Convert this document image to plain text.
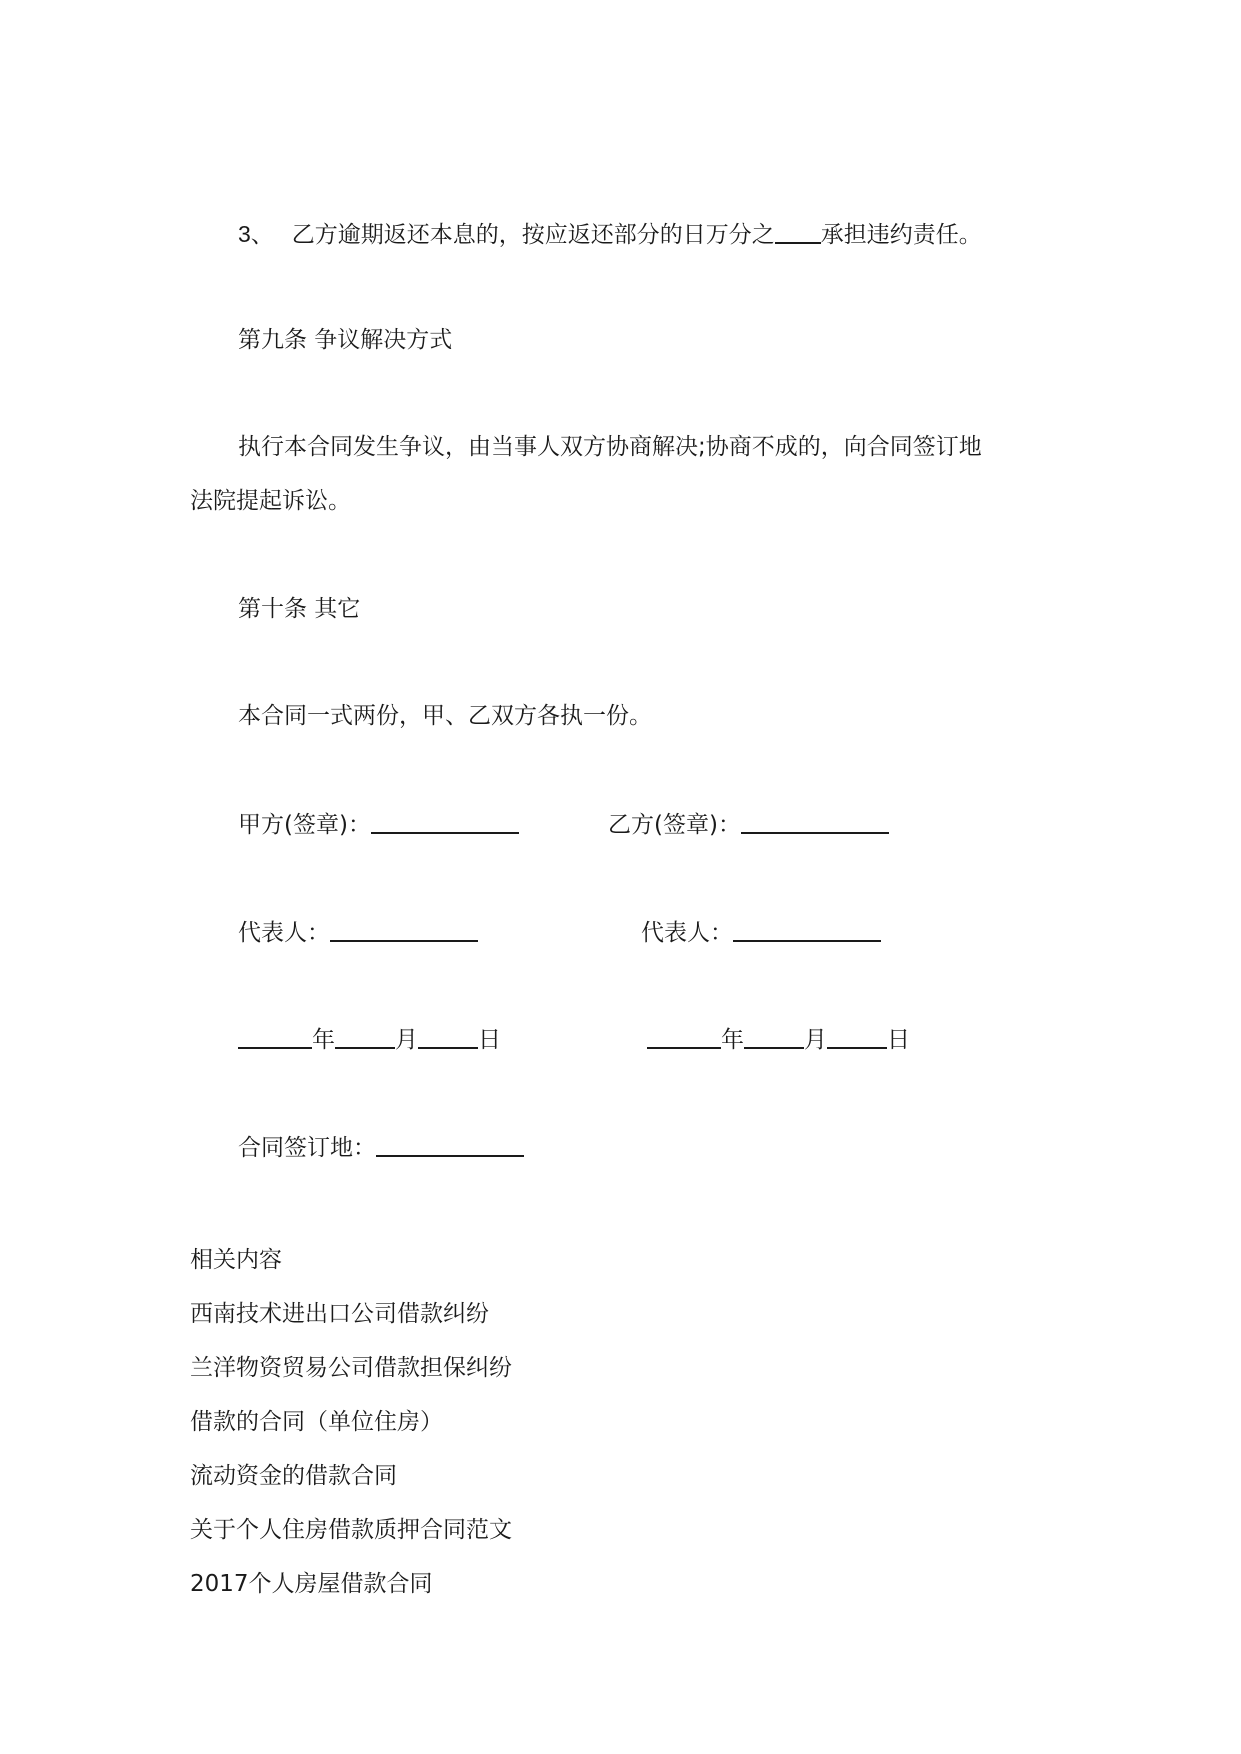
3、 乙方逾期返还本息的，按应返还部分的日万分之 承担违约责任。
第九条 争议解决方式
执行本合同发生争议，由当事人双方协商解决;协商不成的，向合同签订地
法院提起诉讼。
第十条 其它
本合同一式两份，甲、乙双方各执一份。
甲方(签章)：	乙方(签章)：
代表人：	代表人：
年	月	日	年	月	日
合同签订地：
相关内容
西南技术进出口公司借款纠纷
兰洋物资贸易公司借款担保纠纷
借款的合同（单位住房）
流动资金的借款合同
关于个人住房借款质押合同范文
2017个人房屋借款合同
